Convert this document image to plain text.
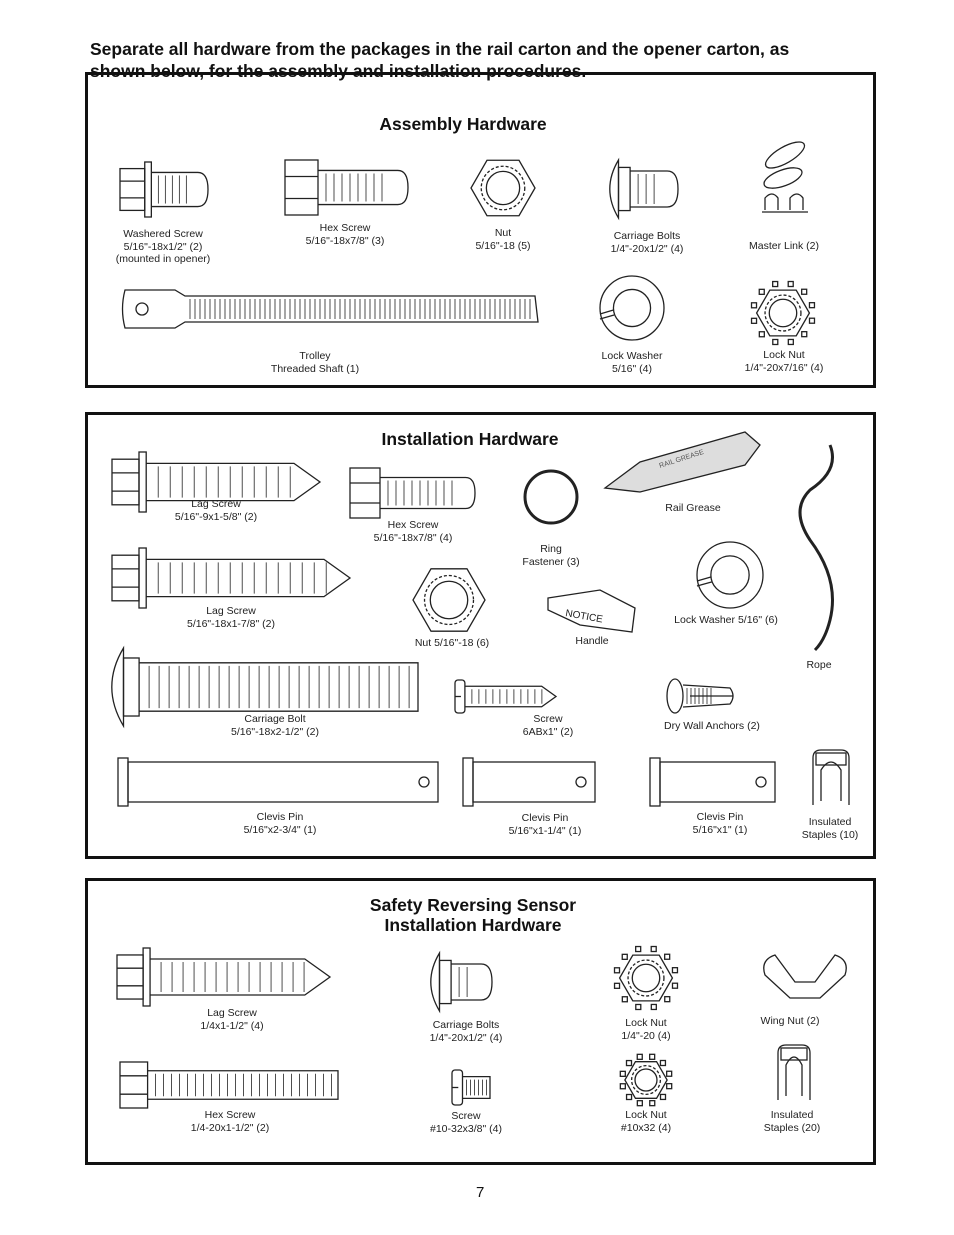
Separate all hardware from the packages in the rail carton and the opener carton, as
shown below, for the assembly and installation procedures.
RAIL GREASE
NOTICE
Assembly Hardware
Installation Hardware
Safety Reversing Sensor
Installation Hardware
Washered Screw
5/16"-18x1/2" (2)
(mounted in opener)
Hex Screw
5/16"-18x7/8" (3)
Nut
5/16"-18 (5)
Carriage Bolts
1/4"-20x1/2" (4)	Master Link (2)
Trolley
Threaded Shaft (1)
Lock Washer
5/16" (4)
Lock Nut
1/4"-20x7/16" (4)
Lag Screw
5/16"-9x1-5/8" (2)
Hex Screw
5/16"-18x7/8" (4)
Ring
Fastener (3)
Rail Grease
Lag Screw
5/16"-18x1-7/8" (2)
Nut 5/16"-18 (6)	Handle
Lock Washer 5/16" (6)
Rope
Carriage Bolt
5/16"-18x2-1/2" (2)
Screw
6ABx1" (2)	Dry Wall Anchors (2)
Clevis Pin
5/16"x2-3/4" (1)
Clevis Pin
5/16"x1-1/4" (1)
Clevis Pin
5/16"x1" (1)
Insulated
Staples (10)
Lag Screw
1/4x1-1/2" (4)	Carriage Bolts
1/4"-20x1/2" (4)
Lock Nut
1/4"-20 (4)
Wing Nut (2)
Hex Screw
1/4-20x1-1/2" (2)
Screw
#10-32x3/8" (4)
Lock Nut
#10x32 (4)
Insulated
Staples (20)
7
